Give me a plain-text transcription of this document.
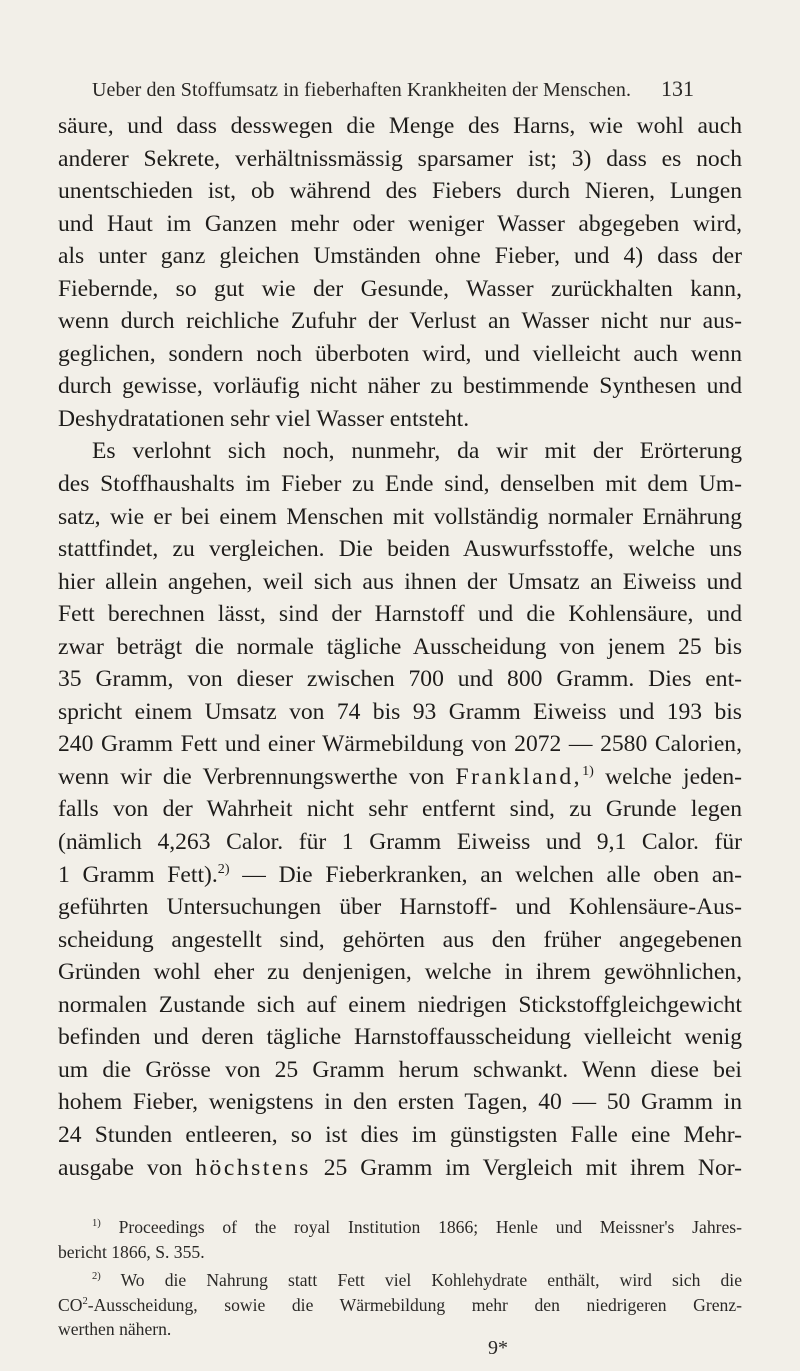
Ueber den Stoffumsatz in fieberhaften Krankheiten der Menschen. 131
säure, und dass desswegen die Menge des Harns, wie wohl auch
anderer Sekrete, verhältnissmässig sparsamer ist; 3) dass es noch
unentschieden ist, ob während des Fiebers durch Nieren, Lungen
und Haut im Ganzen mehr oder weniger Wasser abgegeben wird,
als unter ganz gleichen Umständen ohne Fieber, und 4) dass der
Fiebernde, so gut wie der Gesunde, Wasser zurückhalten kann,
wenn durch reichliche Zufuhr der Verlust an Wasser nicht nur aus-
geglichen, sondern noch überboten wird, und vielleicht auch wenn
durch gewisse, vorläufig nicht näher zu bestimmende Synthesen und
Deshydratationen sehr viel Wasser entsteht.
Es verlohnt sich noch, nunmehr, da wir mit der Erörterung
des Stoffhaushalts im Fieber zu Ende sind, denselben mit dem Um-
satz, wie er bei einem Menschen mit vollständig normaler Ernährung
stattfindet, zu vergleichen. Die beiden Auswurfsstoffe, welche uns
hier allein angehen, weil sich aus ihnen der Umsatz an Eiweiss und
Fett berechnen lässt, sind der Harnstoff und die Kohlensäure, und
zwar beträgt die normale tägliche Ausscheidung von jenem 25 bis
35 Gramm, von dieser zwischen 700 und 800 Gramm. Dies ent-
spricht einem Umsatz von 74 bis 93 Gramm Eiweiss und 193 bis
240 Gramm Fett und einer Wärmebildung von 2072 — 2580 Calorien,
wenn wir die Verbrennungswerthe von Frankland,$^{1)}$ welche jeden-
falls von der Wahrheit nicht sehr entfernt sind, zu Grunde legen
(nämlich 4,263 Calor. für 1 Gramm Eiweiss und 9,1 Calor. für
1 Gramm Fett).$^{2)}$ — Die Fieberkranken, an welchen alle oben an-
geführten Untersuchungen über Harnstoff- und Kohlensäure-Aus-
scheidung angestellt sind, gehörten aus den früher angegebenen
Gründen wohl eher zu denjenigen, welche in ihrem gewöhnlichen,
normalen Zustande sich auf einem niedrigen Stickstoffgleichgewicht
befinden und deren tägliche Harnstoffausscheidung vielleicht wenig
um die Grösse von 25 Gramm herum schwankt. Wenn diese bei
hohem Fieber, wenigstens in den ersten Tagen, 40 — 50 Gramm in
24 Stunden entleeren, so ist dies im günstigsten Falle eine Mehr-
ausgabe von höchstens 25 Gramm im Vergleich mit ihrem Nor-
$^{1)}$ Proceedings of the royal Institution 1866; Henle und Meissner's Jahres-
bericht 1866, S. 355.
$^{2)}$ Wo die Nahrung statt Fett viel Kohlehydrate enthält, wird sich die
$CO^2$-Ausscheidung, sowie die Wärmebildung mehr den niedrigeren Grenz-
werthen nähern.
9*
